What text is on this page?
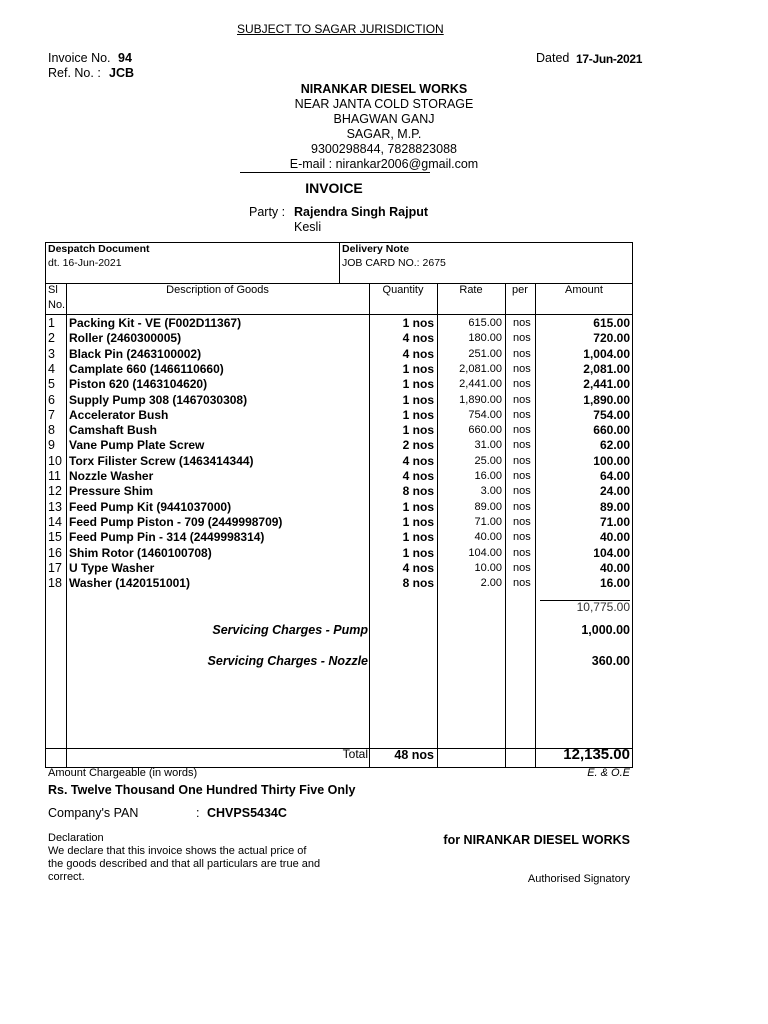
SUBJECT TO SAGAR JURISDICTION
Invoice No. 94
Ref. No. : JCB
Dated 17-Jun-2021
NIRANKAR DIESEL WORKS
NEAR JANTA COLD STORAGE
BHAGWAN GANJ
SAGAR, M.P.
9300298844, 7828823088
E-mail : nirankar2006@gmail.com
INVOICE
Party : Rajendra Singh Rajput
Kesli
Despatch Document
dt. 16-Jun-2021
Delivery Note
JOB CARD NO.: 2675
Sl
No.
Description of Goods	Quantity	Rate	per	Amount
1	Packing Kit - VE (F002D11367)	1 nos	615.00 nos	615.00
2	Roller (2460300005)	4 nos	180.00 nos	720.00
3	Black Pin (2463100002)	4 nos	251.00 nos	1,004.00
4	Camplate 660 (1466110660)	1 nos 2,081.00 nos	2,081.00
5	Piston 620 (1463104620)	1 nos 2,441.00 nos	2,441.00
6	Supply Pump 308 (1467030308)	1 nos 1,890.00 nos	1,890.00
7	Accelerator Bush	1 nos	754.00 nos	754.00
8	Camshaft Bush	1 nos	660.00 nos	660.00
9	Vane Pump Plate Screw	2 nos	31.00 nos	62.00
10 Torx Filister Screw (1463414344)	4 nos	25.00 nos	100.00
11 Nozzle Washer	4 nos	16.00 nos	64.00
12 Pressure Shim	8 nos	3.00 nos	24.00
13 Feed Pump Kit (9441037000)	1 nos	89.00 nos	89.00
14 Feed Pump Piston - 709 (2449998709)	1 nos	71.00 nos	71.00
15 Feed Pump Pin - 314 (2449998314)	1 nos	40.00 nos	40.00
16 Shim Rotor (1460100708)	1 nos	104.00 nos	104.00
17 U Type Washer	4 nos	10.00 nos	40.00
18 Washer (1420151001)	8 nos	2.00 nos	16.00
10,775.00
Servicing Charges - Pump	1,000.00
Servicing Charges - Nozzle	360.00
Total 48 nos	12,135.00
Amount Chargeable (in words)	E. & O.E
Rs. Twelve Thousand One Hundred Thirty Five Only
Company's PAN	: CHVPS5434C
Declaration
We declare that this invoice shows the actual price of
the goods described and that all particulars are true and
correct.
for NIRANKAR DIESEL WORKS
Authorised Signatory
